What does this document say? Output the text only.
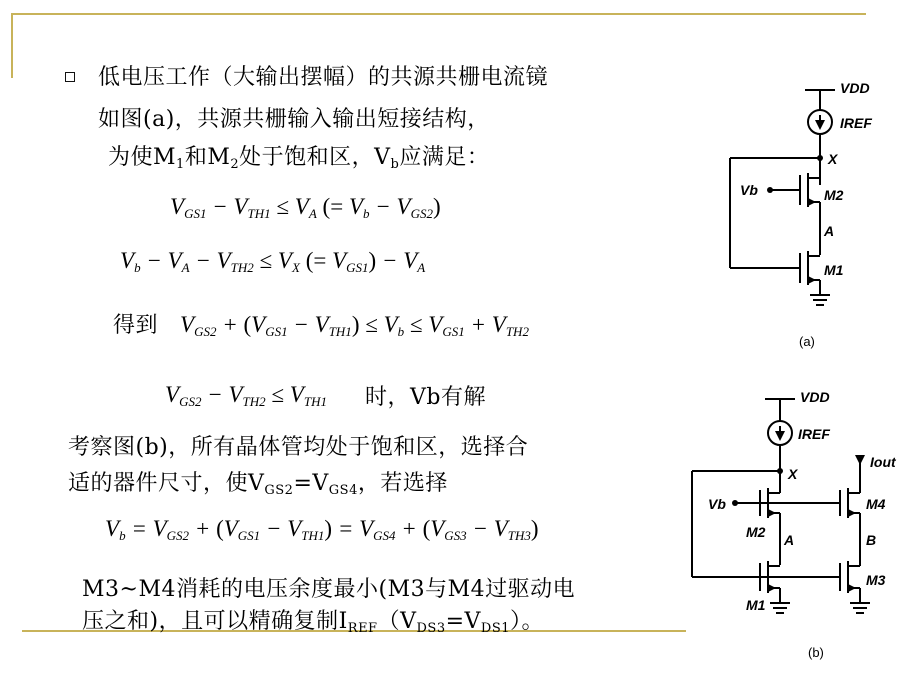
低电压工作（大输出摆幅）的共源共栅电流镜
如图(a)，共源共栅输入输出短接结构，
为使$M_1$和$M_2$处于饱和区，$V_b$应满足：
$V_{GS1} - V_{TH1} \le V_A$ (= $V_b - V_{GS2}$)
$V_b - V_A - V_{TH2} \le V_X$ (= $V_{GS1}) - V_A$
得到 $V_{GS2} + (V_{GS1} - V_{TH1}) \le V_b \le V_{GS1} + V_{TH2}$
$V_{GS2} - V_{TH2} \le V_{TH1}$ 时，Vb有解
考察图(b)，所有晶体管均处于饱和区，选择合
适的器件尺寸，使$V_{GS2}=V_{GS4}$，若选择
$V_b = V_{GS2} + (V_{GS1} - V_{TH1}) = V_{GS4} + (V_{GS3} - V_{TH3})$
M3~M4消耗的电压余度最小(M3与M4过驱动电
压之和)，且可以精确复制$I_{REF}(V_{DS3}=V_{DS1})$。
VDD
IREF
X
Vb	M2
A
M1
(a)
VDD
IREF
Iout
X
Vb
M2 A
M4
B
M1
M3
(b)
